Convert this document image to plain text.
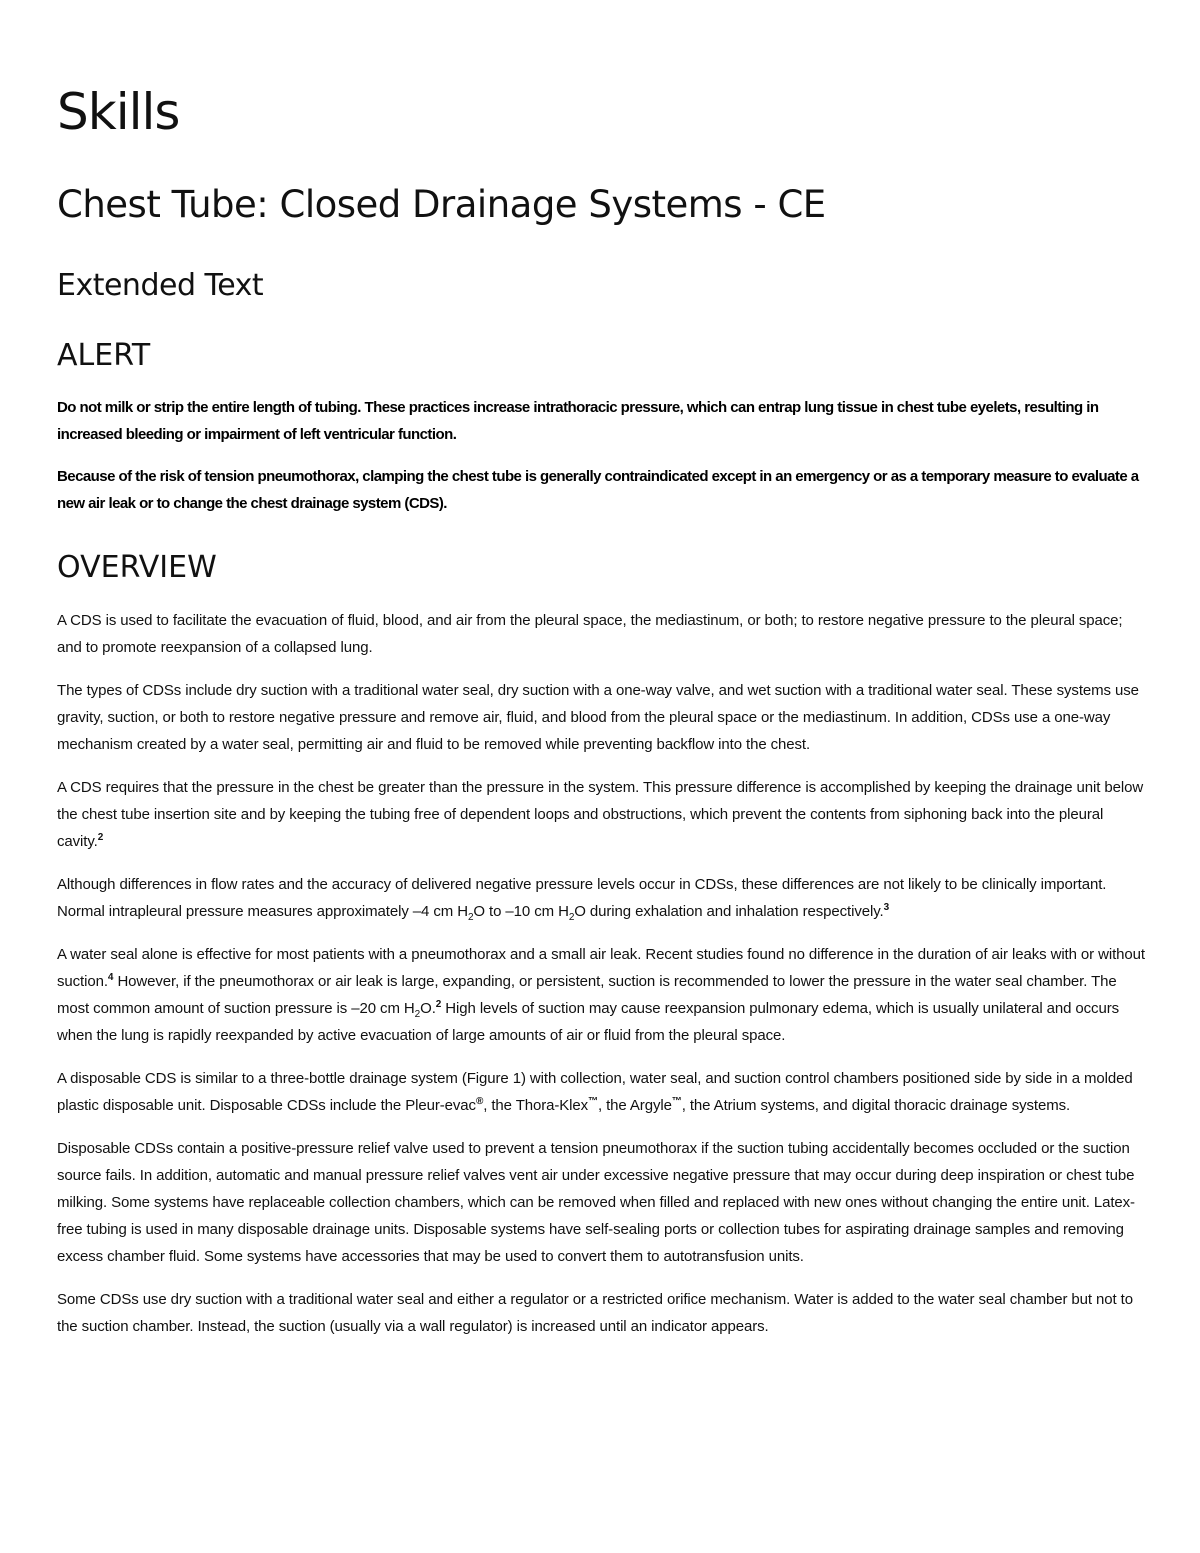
Skills
Chest Tube: Closed Drainage Systems - CE
Extended Text
ALERT

Do not milk or strip the entire length of tubing. These practices increase intrathoracic pressure, which can entrap lung tissue in chest tube eyelets, resulting in increased bleeding or impairment of left ventricular function.

Because of the risk of tension pneumothorax, clamping the chest tube is generally contraindicated except in an emergency or as a temporary measure to evaluate a new air leak or to change the chest drainage system (CDS).

OVERVIEW

A CDS is used to facilitate the evacuation of fluid, blood, and air from the pleural space, the mediastinum, or both; to restore negative pressure to the pleural space; and to promote reexpansion of a collapsed lung.

The types of CDSs include dry suction with a traditional water seal, dry suction with a one-way valve, and wet suction with a traditional water seal. These systems use gravity, suction, or both to restore negative pressure and remove air, fluid, and blood from the pleural space or the mediastinum. In addition, CDSs use a one-way mechanism created by a water seal, permitting air and fluid to be removed while preventing backflow into the chest.

A CDS requires that the pressure in the chest be greater than the pressure in the system. This pressure difference is accomplished by keeping the drainage unit below the chest tube insertion site and by keeping the tubing free of dependent loops and obstructions, which prevent the contents from siphoning back into the pleural cavity.$^2$

Although differences in flow rates and the accuracy of delivered negative pressure levels occur in CDSs, these differences are not likely to be clinically important. Normal intrapleural pressure measures approximately –4 cm $H_2O$ to –10 cm $H_2O$ during exhalation and inhalation respectively.$^3$

A water seal alone is effective for most patients with a pneumothorax and a small air leak. Recent studies found no difference in the duration of air leaks with or without suction.$^4$ However, if the pneumothorax or air leak is large, expanding, or persistent, suction is recommended to lower the pressure in the water seal chamber. The most common amount of suction pressure is –20 cm $H_2O.^2$ High levels of suction may cause reexpansion pulmonary edema, which is usually unilateral and occurs when the lung is rapidly reexpanded by active evacuation of large amounts of air or fluid from the pleural space.

A disposable CDS is similar to a three-bottle drainage system (Figure 1) with collection, water seal, and suction control chambers positioned side by side in a molded plastic disposable unit. Disposable CDSs include the Pleur-evac®, the Thora-Klex™, the Argyle™, the Atrium systems, and digital thoracic drainage systems.

Disposable CDSs contain a positive-pressure relief valve used to prevent a tension pneumothorax if the suction tubing accidentally becomes occluded or the suction source fails. In addition, automatic and manual pressure relief valves vent air under excessive negative pressure that may occur during deep inspiration or chest tube milking. Some systems have replaceable collection chambers, which can be removed when filled and replaced with new ones without changing the entire unit. Latex-free tubing is used in many disposable drainage units. Disposable systems have self-sealing ports or collection tubes for aspirating drainage samples and removing excess chamber fluid. Some systems have accessories that may be used to convert them to autotransfusion units.

Some CDSs use dry suction with a traditional water seal and either a regulator or a restricted orifice mechanism. Water is added to the water seal chamber but not to the suction chamber. Instead, the suction (usually via a wall regulator) is increased until an indicator appears.
